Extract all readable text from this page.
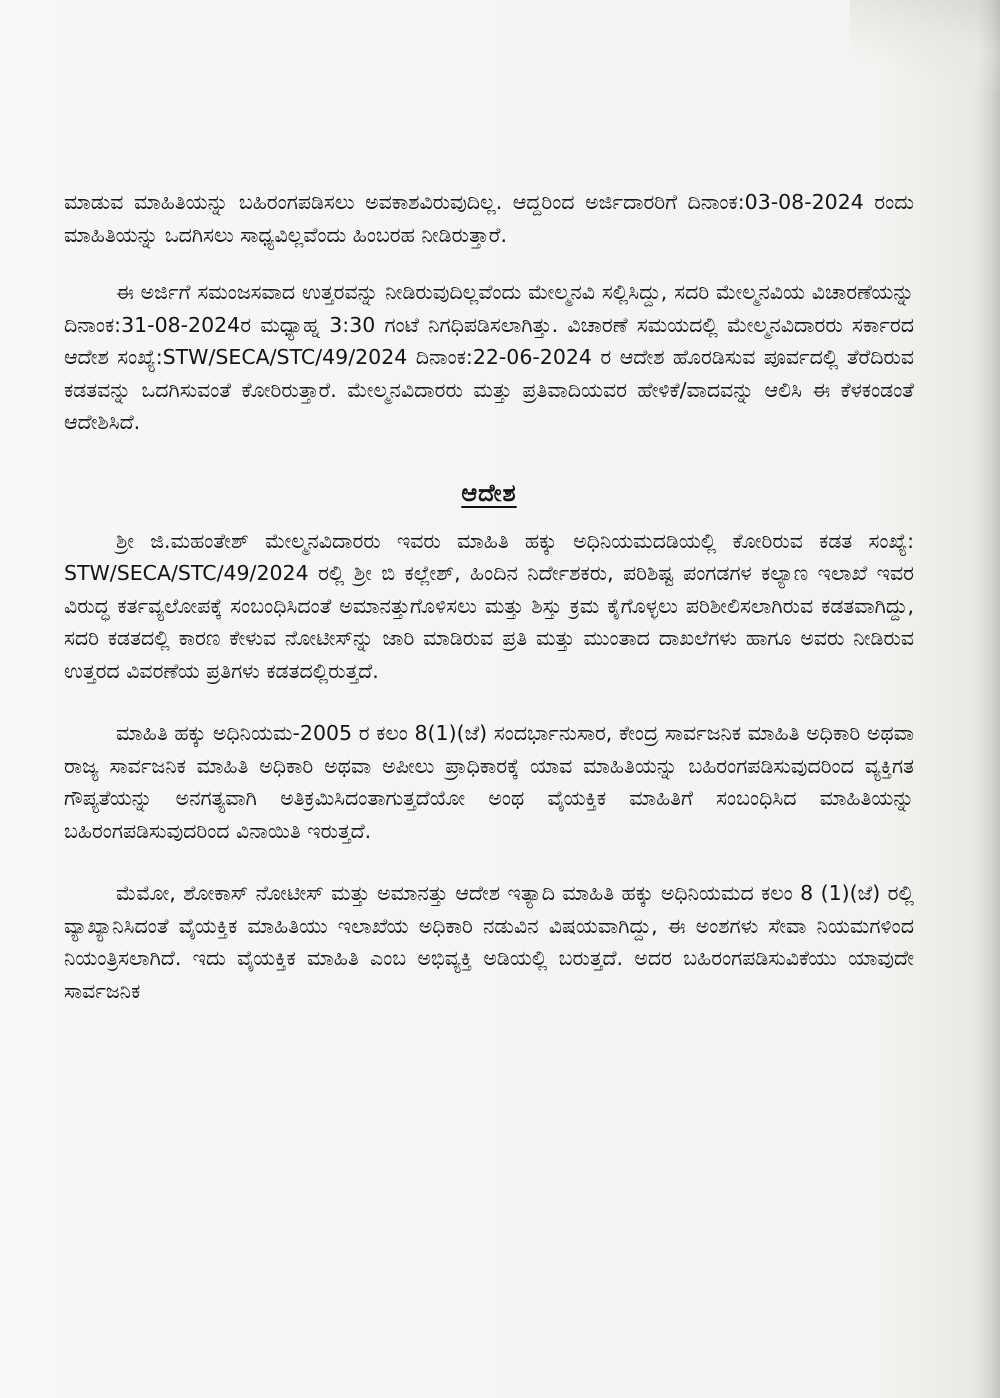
ಮಾಡುವ ಮಾಹಿತಿಯನ್ನು ಬಹಿರಂಗಪಡಿಸಲು ಅವಕಾಶವಿರುವುದಿಲ್ಲ. ಆದ್ದರಿಂದ ಅರ್ಜಿದಾರರಿಗೆ ದಿನಾಂಕ:03-08-2024 ರಂದು ಮಾಹಿತಿಯನ್ನು ಒದಗಿಸಲು ಸಾಧ್ಯವಿಲ್ಲವೆಂದು ಹಿಂಬರಹ ನೀಡಿರುತ್ತಾರೆ.

ಈ ಅರ್ಜಿಗೆ ಸಮಂಜಸವಾದ ಉತ್ತರವನ್ನು ನೀಡಿರುವುದಿಲ್ಲವೆಂದು ಮೇಲ್ಮನವಿ ಸಲ್ಲಿಸಿದ್ದು, ಸದರಿ ಮೇಲ್ಮನವಿಯ ವಿಚಾರಣೆಯನ್ನು ದಿನಾಂಕ:31-08-2024ರ ಮಧ್ಯಾಹ್ನ 3:30 ಗಂಟೆ ನಿಗಧಿಪಡಿಸಲಾಗಿತ್ತು. ವಿಚಾರಣೆ ಸಮಯದಲ್ಲಿ ಮೇಲ್ಮನವಿದಾರರು ಸರ್ಕಾರದ ಆದೇಶ ಸಂಖ್ಯೆ:STW/SECA/STC/49/2024 ದಿನಾಂಕ:22-06-2024 ರ ಆದೇಶ ಹೊರಡಿಸುವ ಪೂರ್ವದಲ್ಲಿ ತೆರೆದಿರುವ ಕಡತವನ್ನು ಒದಗಿಸುವಂತೆ ಕೋರಿರುತ್ತಾರೆ. ಮೇಲ್ಮನವಿದಾರರು ಮತ್ತು ಪ್ರತಿವಾದಿಯವರ ಹೇಳಿಕೆ/ವಾದವನ್ನು ಆಲಿಸಿ ಈ ಕೆಳಕಂಡಂತೆ ಆದೇಶಿಸಿದೆ.

ಆದೇಶ

ಶ್ರೀ ಜಿ.ಮಹಂತೇಶ್ ಮೇಲ್ಮನವಿದಾರರು ಇವರು ಮಾಹಿತಿ ಹಕ್ಕು ಅಧಿನಿಯಮದಡಿಯಲ್ಲಿ ಕೋರಿರುವ ಕಡತ ಸಂಖ್ಯೆ: STW/SECA/STC/49/2024 ರಲ್ಲಿ ಶ್ರೀ ಬಿ ಕಲ್ಲೇಶ್, ಹಿಂದಿನ ನಿರ್ದೇಶಕರು, ಪರಿಶಿಷ್ಟ ಪಂಗಡಗಳ ಕಲ್ಯಾಣ ಇಲಾಖೆ ಇವರ ವಿರುದ್ಧ ಕರ್ತವ್ಯಲೋಪಕ್ಕೆ ಸಂಬಂಧಿಸಿದಂತೆ ಅಮಾನತ್ತುಗೊಳಿಸಲು ಮತ್ತು ಶಿಸ್ತು ಕ್ರಮ ಕೈಗೊಳ್ಳಲು ಪರಿಶೀಲಿಸಲಾಗಿರುವ ಕಡತವಾಗಿದ್ದು, ಸದರಿ ಕಡತದಲ್ಲಿ ಕಾರಣ ಕೇಳುವ ನೋಟೀಸ್‌ನ್ನು ಜಾರಿ ಮಾಡಿರುವ ಪ್ರತಿ ಮತ್ತು ಮುಂತಾದ ದಾಖಲೆಗಳು ಹಾಗೂ ಅವರು ನೀಡಿರುವ ಉತ್ತರದ ವಿವರಣೆಯ ಪ್ರತಿಗಳು ಕಡತದಲ್ಲಿರುತ್ತದೆ.

ಮಾಹಿತಿ ಹಕ್ಕು ಅಧಿನಿಯಮ-2005 ರ ಕಲಂ 8(1)(ಜೆ) ಸಂದರ್ಭಾನುಸಾರ, ಕೇಂದ್ರ ಸಾರ್ವಜನಿಕ ಮಾಹಿತಿ ಅಧಿಕಾರಿ ಅಥವಾ ರಾಜ್ಯ ಸಾರ್ವಜನಿಕ ಮಾಹಿತಿ ಅಧಿಕಾರಿ ಅಥವಾ ಅಪೀಲು ಪ್ರಾಧಿಕಾರಕ್ಕೆ ಯಾವ ಮಾಹಿತಿಯನ್ನು ಬಹಿರಂಗಪಡಿಸುವುದರಿಂದ ವ್ಯಕ್ತಿಗತ ಗೌಪ್ಯತೆಯನ್ನು ಅನಗತ್ಯವಾಗಿ ಅತಿಕ್ರಮಿಸಿದಂತಾಗುತ್ತದೆಯೋ ಅಂಥ ವೈಯಕ್ತಿಕ ಮಾಹಿತಿಗೆ ಸಂಬಂಧಿಸಿದ ಮಾಹಿತಿಯನ್ನು ಬಹಿರಂಗಪಡಿಸುವುದರಿಂದ ವಿನಾಯಿತಿ ಇರುತ್ತದೆ.

ಮೆಮೋ, ಶೋಕಾಸ್ ನೋಟೀಸ್ ಮತ್ತು ಅಮಾನತ್ತು ಆದೇಶ ಇತ್ಯಾದಿ ಮಾಹಿತಿ ಹಕ್ಕು ಅಧಿನಿಯಮದ ಕಲಂ 8 (1)(ಜೆ) ರಲ್ಲಿ ವ್ಯಾಖ್ಯಾನಿಸಿದಂತೆ ವೈಯಕ್ತಿಕ ಮಾಹಿತಿಯು ಇಲಾಖೆಯ ಅಧಿಕಾರಿ ನಡುವಿನ ವಿಷಯವಾಗಿದ್ದು, ಈ ಅಂಶಗಳು ಸೇವಾ ನಿಯಮಗಳಿಂದ ನಿಯಂತ್ರಿಸಲಾಗಿದೆ. ಇದು ವೈಯಕ್ತಿಕ ಮಾಹಿತಿ ಎಂಬ ಅಭಿವ್ಯಕ್ತಿ ಅಡಿಯಲ್ಲಿ ಬರುತ್ತದೆ. ಅದರ ಬಹಿರಂಗಪಡಿಸುವಿಕೆಯು ಯಾವುದೇ ಸಾರ್ವಜನಿಕ
